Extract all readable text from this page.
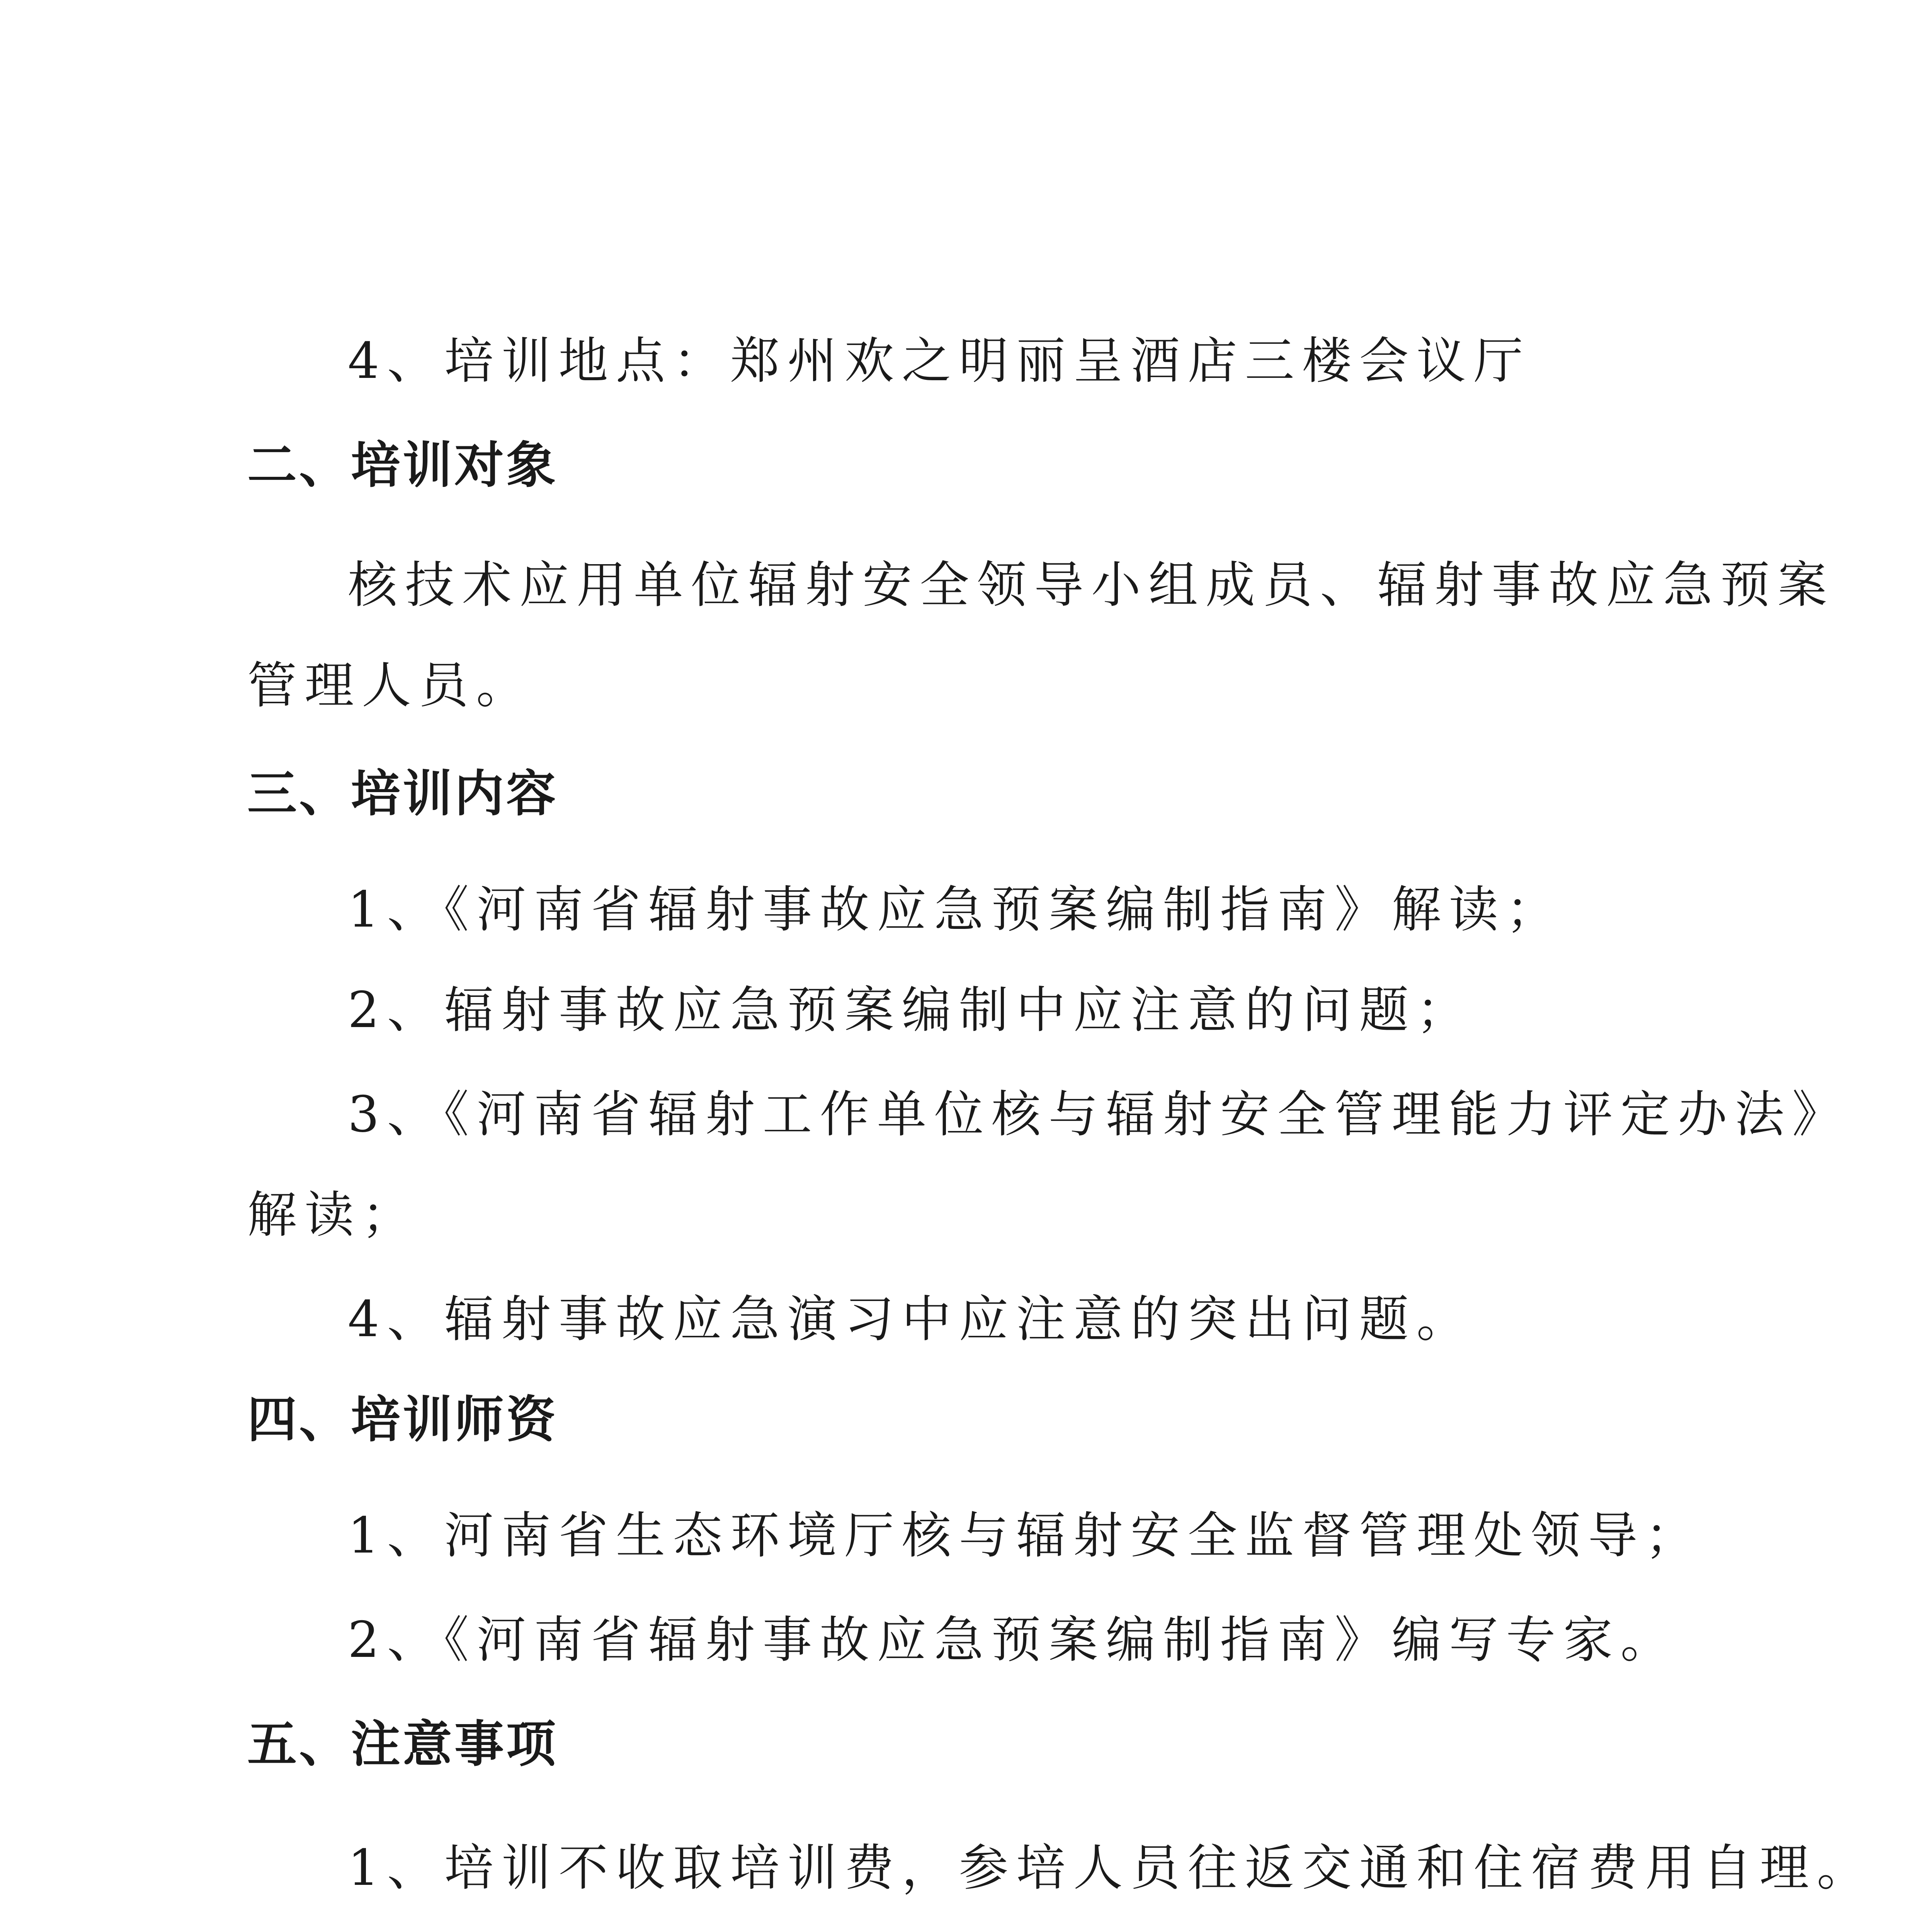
4、培训地点：郑州欢之明丽呈酒店三楼会议厅
二、培训对象
核技术应用单位辐射安全领导小组成员、辐射事故应急预案
管理人员。
三、培训内容
1、《河南省辐射事故应急预案编制指南》解读；
2、辐射事故应急预案编制中应注意的问题；
3、《河南省辐射工作单位核与辐射安全管理能力评定办法》
解读；
4、辐射事故应急演习中应注意的突出问题。
四、培训师资
1、河南省生态环境厅核与辐射安全监督管理处领导；
2、《河南省辐射事故应急预案编制指南》编写专家。
五、注意事项
1、培训不收取培训费，参培人员往返交通和住宿费用自理。
